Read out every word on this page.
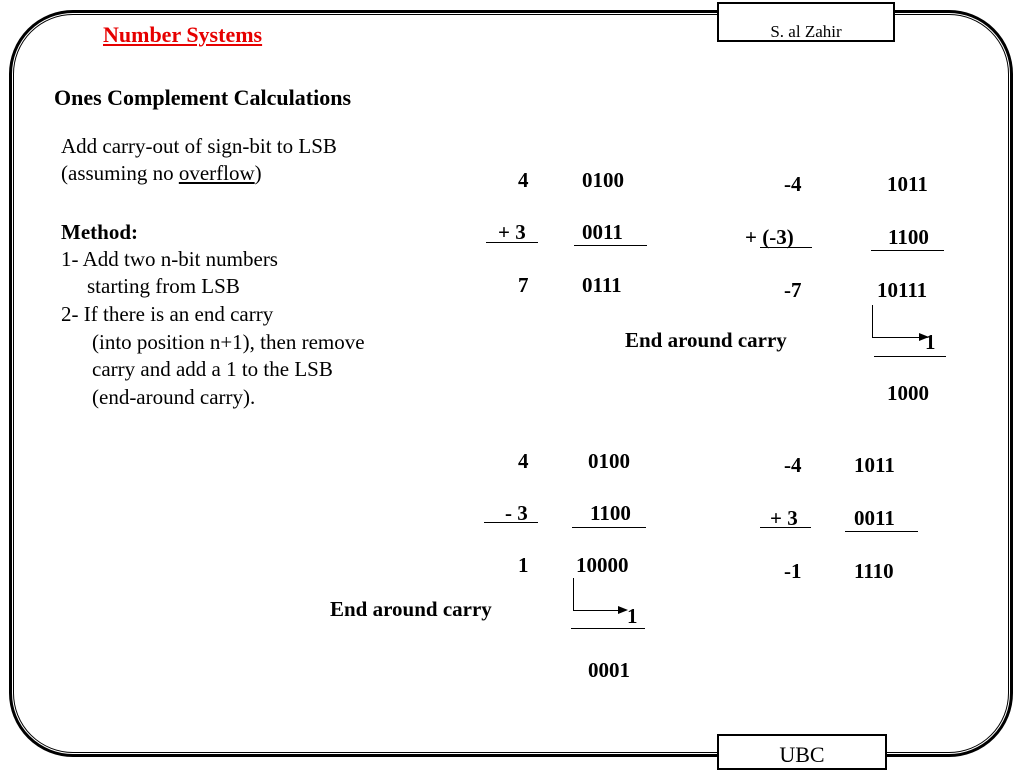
S. al Zahir
UBC
Number Systems
Ones Complement Calculations
Add carry-out of sign-bit to LSB
(assuming no overflow)
Method:
1- Add two n-bit numbers
starting from LSB
2- If there is an end carry
(into position n+1), then remove
carry and add a 1 to the LSB
(end-around carry).
4	0100
+ 3	0011
7	0111
-4	1011
+ (-3)	1100
-7	10111
End around carry	1
1000
4	0100
- 3	1100
1 10000
End around carry	1
0001
-4	1011
+ 3	0011
-1	1110
